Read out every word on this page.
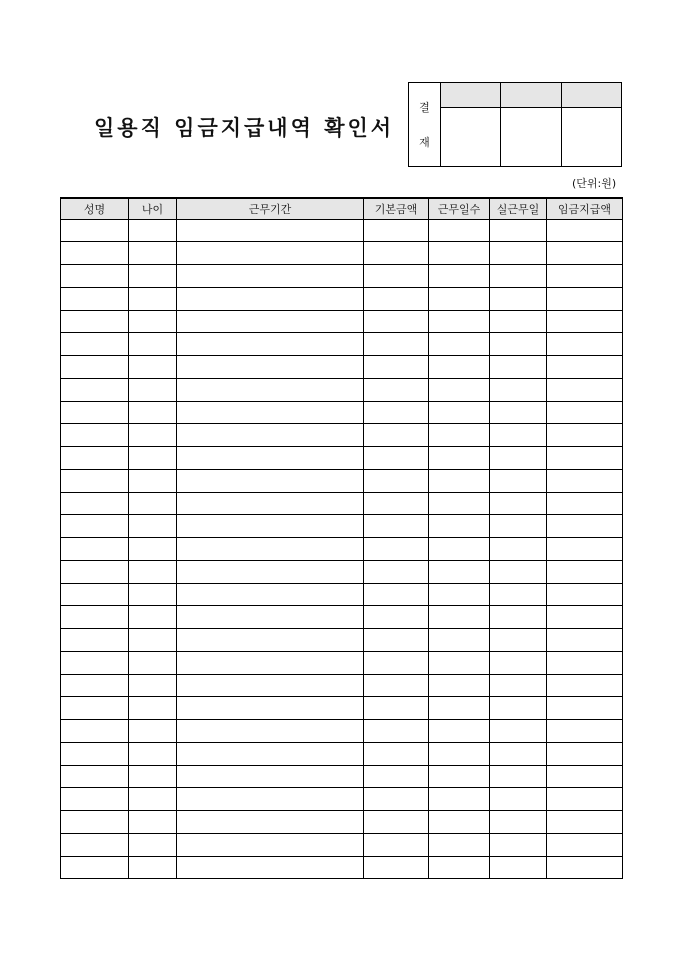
일용직 임금지급내역 확인서
결
재
(단위:원)
성명	나이	근무기간	기본금액	근무일수	실근무일	임금지급액
